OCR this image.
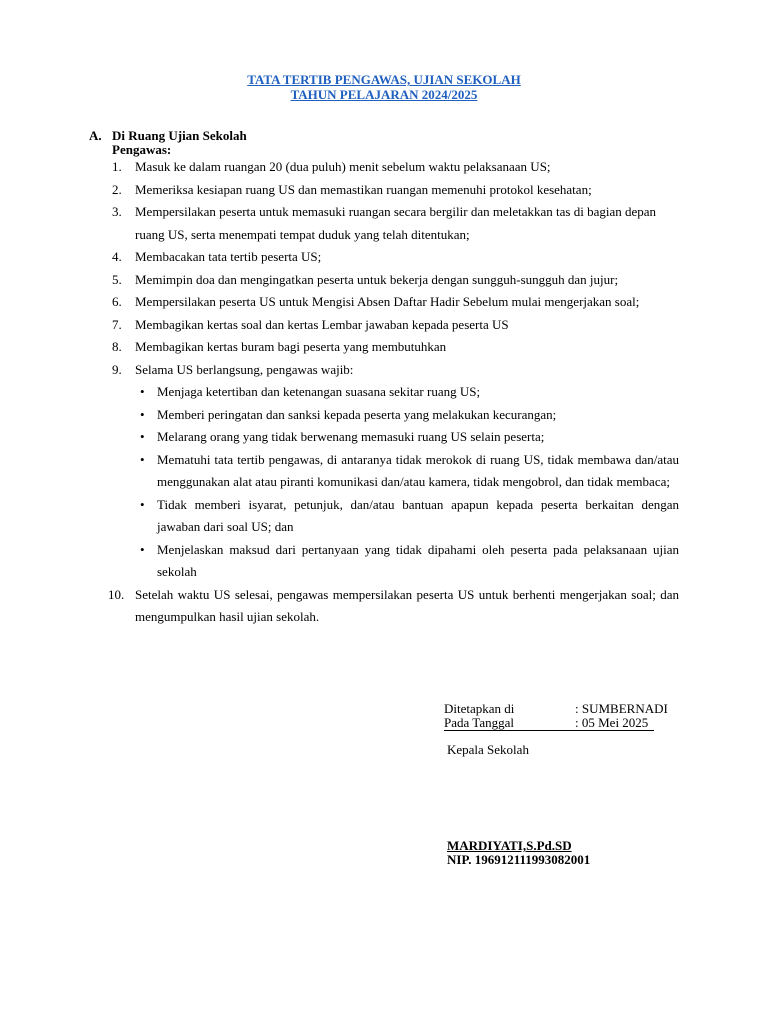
TATA TERTIB PENGAWAS, UJIAN SEKOLAH
TAHUN PELAJARAN 2024/2025
A. Di Ruang Ujian Sekolah
Pengawas:
1. Masuk ke dalam ruangan 20 (dua puluh) menit sebelum waktu pelaksanaan US;
2. Memeriksa kesiapan ruang US dan memastikan ruangan memenuhi protokol kesehatan;
3. Mempersilakan peserta untuk memasuki ruangan secara bergilir dan meletakkan tas di bagian depan ruang US, serta menempati tempat duduk yang telah ditentukan;
4. Membacakan tata tertib peserta US;
5. Memimpin doa dan mengingatkan peserta untuk bekerja dengan sungguh-sungguh dan jujur;
6. Mempersilakan peserta US untuk Mengisi Absen Daftar Hadir Sebelum mulai mengerjakan soal;
7. Membagikan kertas soal dan kertas Lembar jawaban kepada peserta US
8. Membagikan kertas buram bagi peserta yang membutuhkan
9. Selama US berlangsung, pengawas wajib:
• Menjaga ketertiban dan ketenangan suasana sekitar ruang US;
• Memberi peringatan dan sanksi kepada peserta yang melakukan kecurangan;
• Melarang orang yang tidak berwenang memasuki ruang US selain peserta;
• Mematuhi tata tertib pengawas, di antaranya tidak merokok di ruang US, tidak membawa dan/atau menggunakan alat atau piranti komunikasi dan/atau kamera, tidak mengobrol, dan tidak membaca;
• Tidak memberi isyarat, petunjuk, dan/atau bantuan apapun kepada peserta berkaitan dengan jawaban dari soal US; dan
• Menjelaskan maksud dari pertanyaan yang tidak dipahami oleh peserta pada pelaksanaan ujian sekolah
10. Setelah waktu US selesai, pengawas mempersilakan peserta US untuk berhenti mengerjakan soal; dan mengumpulkan hasil ujian sekolah.
Ditetapkan di	: SUMBERNADI
Pada Tanggal	: 05 Mei 2025
Kepala Sekolah
MARDIYATI,S.Pd.SD
NIP. 196912111993082001
